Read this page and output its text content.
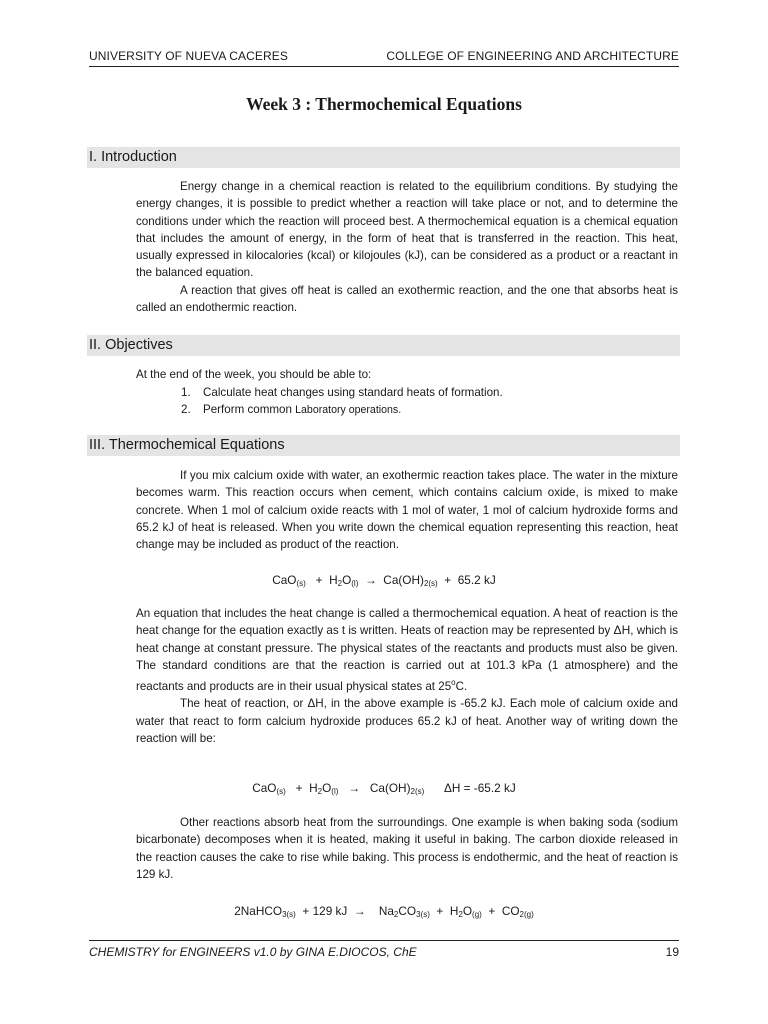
UNIVERSITY OF NUEVA CACERES	COLLEGE OF ENGINEERING AND ARCHITECTURE
Week 3 : Thermochemical Equations
I. Introduction

Energy change in a chemical reaction is related to the equilibrium conditions. By studying the energy changes, it is possible to predict whether a reaction will take place or not, and to determine the conditions under which the reaction will proceed best. A thermochemical equation is a chemical equation that includes the amount of energy, in the form of heat that is transferred in the reaction. This heat, usually expressed in kilocalories (kcal) or kilojoules (kJ), can be considered as a product or a reactant in the balanced equation.

A reaction that gives off heat is called an exothermic reaction, and the one that absorbs heat is called an endothermic reaction.

II. Objectives
At the end of the week, you should be able to:
1. Calculate heat changes using standard heats of formation.
2. Perform common Laboratory operations.
III. Thermochemical Equations

If you mix calcium oxide with water, an exothermic reaction takes place. The water in the mixture becomes warm. This reaction occurs when cement, which contains calcium oxide, is mixed to make concrete. When 1 mol of calcium oxide reacts with 1 mol of water, 1 mol of calcium hydroxide forms and 65.2 kJ of heat is released. When you write down the chemical equation representing this reaction, heat change may be included as product of the reaction.

$CaO_{(s)} + H_2O_{(l)} \to Ca(OH)_{2(s)} + 65.2$ kJ

An equation that includes the heat change is called a thermochemical equation. A heat of reaction is the heat change for the equation exactly as t is written. Heats of reaction may be represented by ΔH, which is heat change at constant pressure. The physical states of the reactants and products must also be given. The standard conditions are that the reaction is carried out at 101.3 kPa (1 atmosphere) and the reactants and products are in their usual physical states at 25$^o$C.

The heat of reaction, or ΔH, in the above example is -65.2 kJ. Each mole of calcium oxide and water that react to form calcium hydroxide produces 65.2 kJ of heat. Another way of writing down the reaction will be:

$CaO_{(s)} + H_2O_{(l)} \to Ca(OH)_{2(s)}$ ΔH = -65.2 kJ

Other reactions absorb heat from the surroundings. One example is when baking soda (sodium bicarbonate) decomposes when it is heated, making it useful in baking. The carbon dioxide released in the reaction causes the cake to rise while baking. This process is endothermic, and the heat of reaction is 129 kJ.

2NaHCO$_{3(s)}$ + 129 kJ → $Na_2CO_{3(s)} + H_2O_{(g)} + CO_{2(g)}$
CHEMISTRY for ENGINEERS v1.0 by GINA E.DIOCOS, ChE	19
